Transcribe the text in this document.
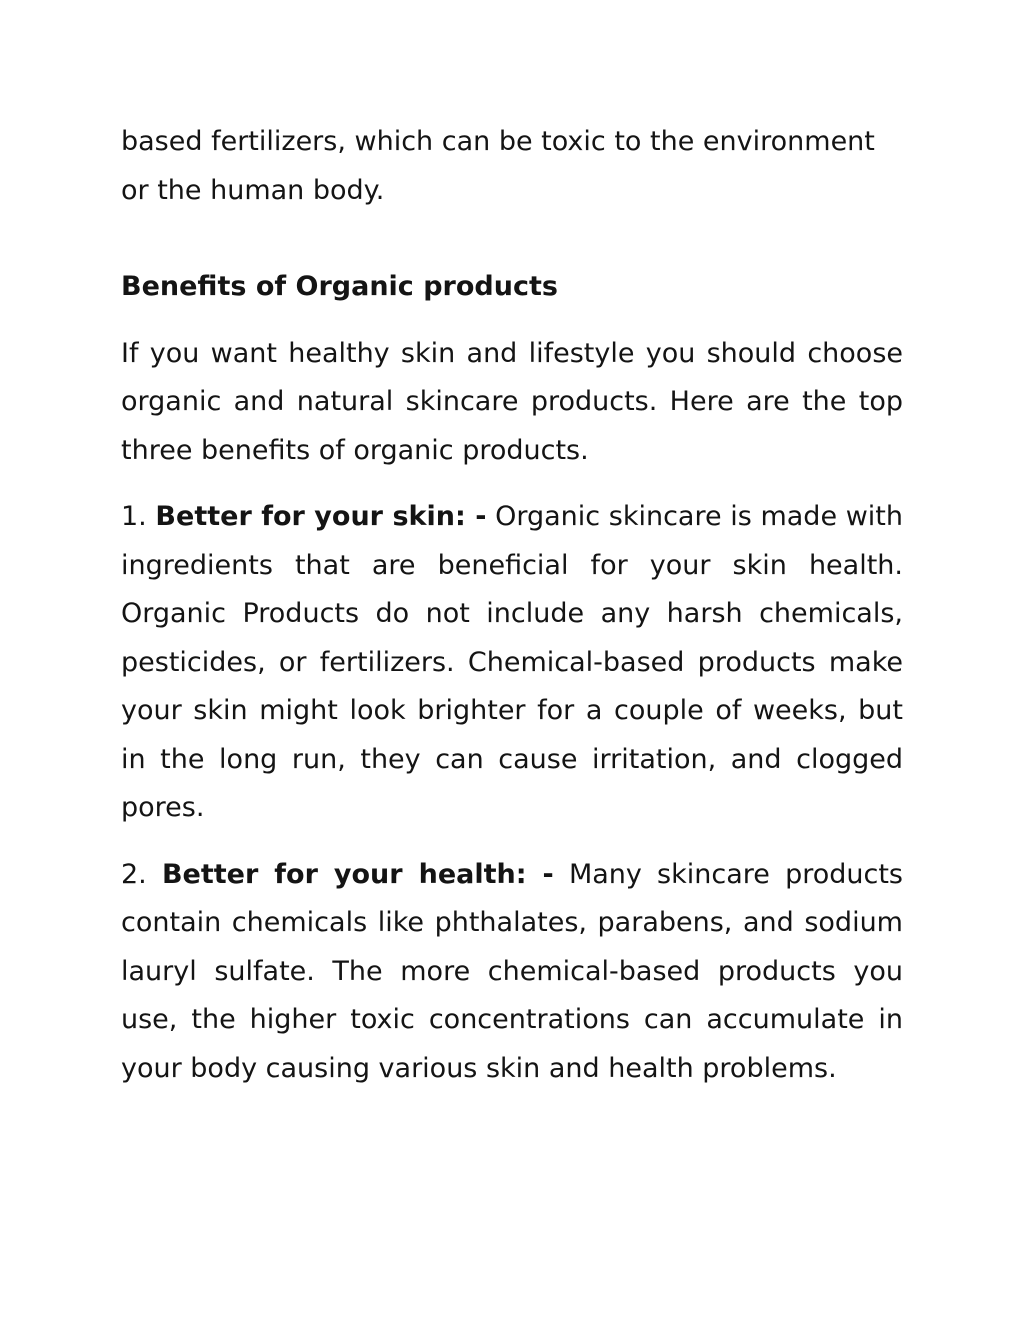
based fertilizers, which can be toxic to the environment or the human body.

Benefits of Organic products

If you want healthy skin and lifestyle you should choose organic and natural skincare products. Here are the top three benefits of organic products.

1. Better for your skin: - Organic skincare is made with ingredients that are beneficial for your skin health. Organic Products do not include any harsh chemicals, pesticides, or fertilizers. Chemical-based products make your skin might look brighter for a couple of weeks, but in the long run, they can cause irritation, and clogged pores.

2. Better for your health: - Many skincare products contain chemicals like phthalates, parabens, and sodium lauryl sulfate. The more chemical-based products you use, the higher toxic concentrations can accumulate in your body causing various skin and health problems.
